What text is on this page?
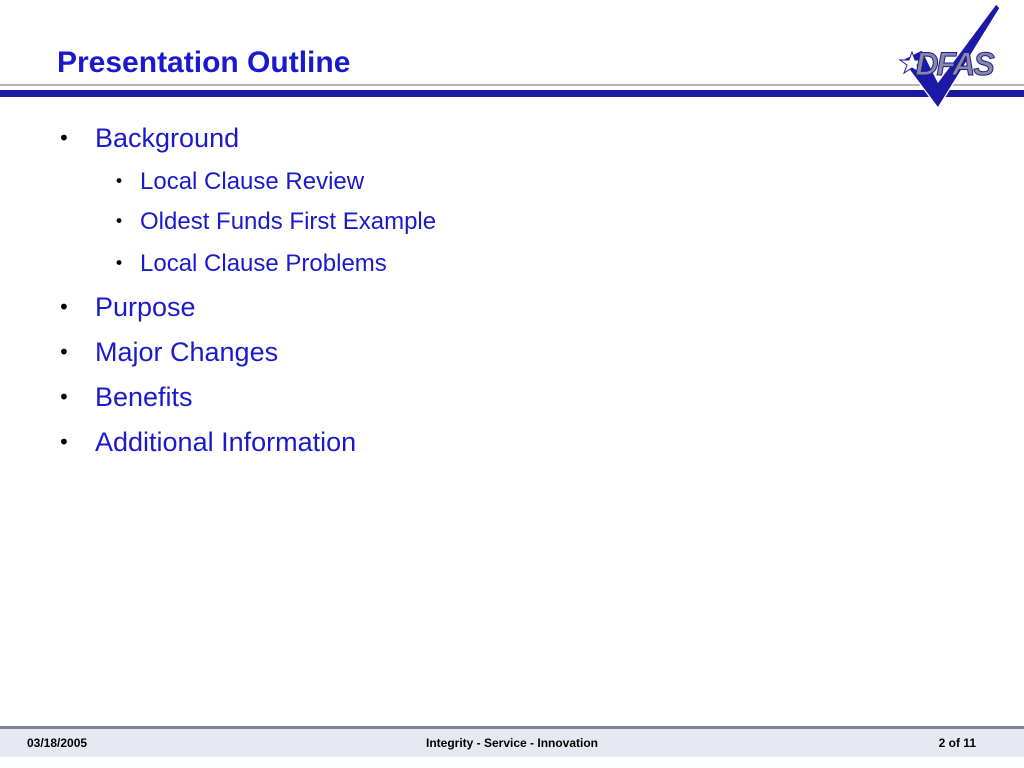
Presentation Outline	DFAS
• Background
• Local Clause Review
• Oldest Funds First Example
• Local Clause Problems
• Purpose
• Major Changes
• Benefits
• Additional Information
03/18/2005	Integrity - Service - Innovation	2 of 11
